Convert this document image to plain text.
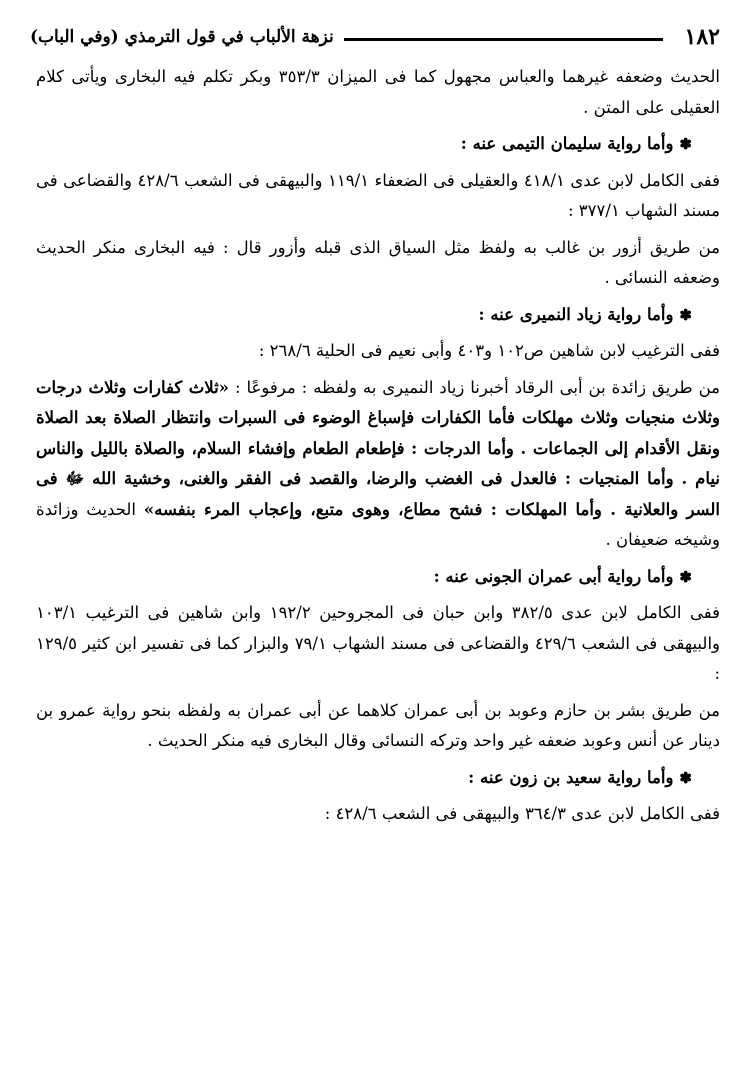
١٨٢
نزهة الألباب في قول الترمذي (وفي الباب)

الحديث وضعفه غيرهما والعباس مجهول كما فى الميزان ٣٥٣/٣ وبكر تكلم فيه البخارى ويأتى كلام العقيلى على المتن .

✽وأما رواية سليمان التيمى عنه :

ففى الكامل لابن عدى ٤١٨/١ والعقيلى فى الضعفاء ١١٩/١ والبيهقى فى الشعب ٤٢٨/٦ والقضاعى فى مسند الشهاب ٣٧٧/١ :

من طريق أزور بن غالب به ولفظ مثل السياق الذى قبله وأزور قال : فيه البخارى منكر الحديث وضعفه النسائى .

✽وأما رواية زياد النميرى عنه :

ففى الترغيب لابن شاهين ص١٠٢ و٤٠٣ وأبى نعيم فى الحلية ٢٦٨/٦ :

من طريق زائدة بن أبى الرقاد أخبرنا زياد النميرى به ولفظه : مرفوعًا : «ثلاث كفارات وثلاث درجات وثلاث منجيات وثلاث مهلكات فأما الكفارات فإسباغ الوضوء فى السبرات وانتظار الصلاة بعد الصلاة ونقل الأقدام إلى الجماعات . وأما الدرجات : فإطعام الطعام وإفشاء السلام، والصلاة بالليل والناس نيام . وأما المنجيات : فالعدل فى الغضب والرضا، والقصد فى الفقر والغنى، وخشية الله ﷻ فى السر والعلانية . وأما المهلكات : فشح مطاع، وهوى متبع، وإعجاب المرء بنفسه» الحديث وزائدة وشيخه ضعيفان .

✽وأما رواية أبى عمران الجونى عنه :

ففى الكامل لابن عدى ٣٨٢/٥ وابن حبان فى المجروحين ١٩٢/٢ وابن شاهين فى الترغيب ١٠٣/١ والبيهقى فى الشعب ٤٢٩/٦ والقضاعى فى مسند الشهاب ٧٩/١ والبزار كما فى تفسير ابن كثير ١٢٩/٥ :

من طريق بشر بن حازم وعوبد بن أبى عمران كلاهما عن أبى عمران به ولفظه بنحو رواية عمرو بن دينار عن أنس وعوبد ضعفه غير واحد وتركه النسائى وقال البخارى فيه منكر الحديث .

✽وأما رواية سعيد بن زون عنه :

ففى الكامل لابن عدى ٣٦٤/٣ والبيهقى فى الشعب ٤٢٨/٦ :
